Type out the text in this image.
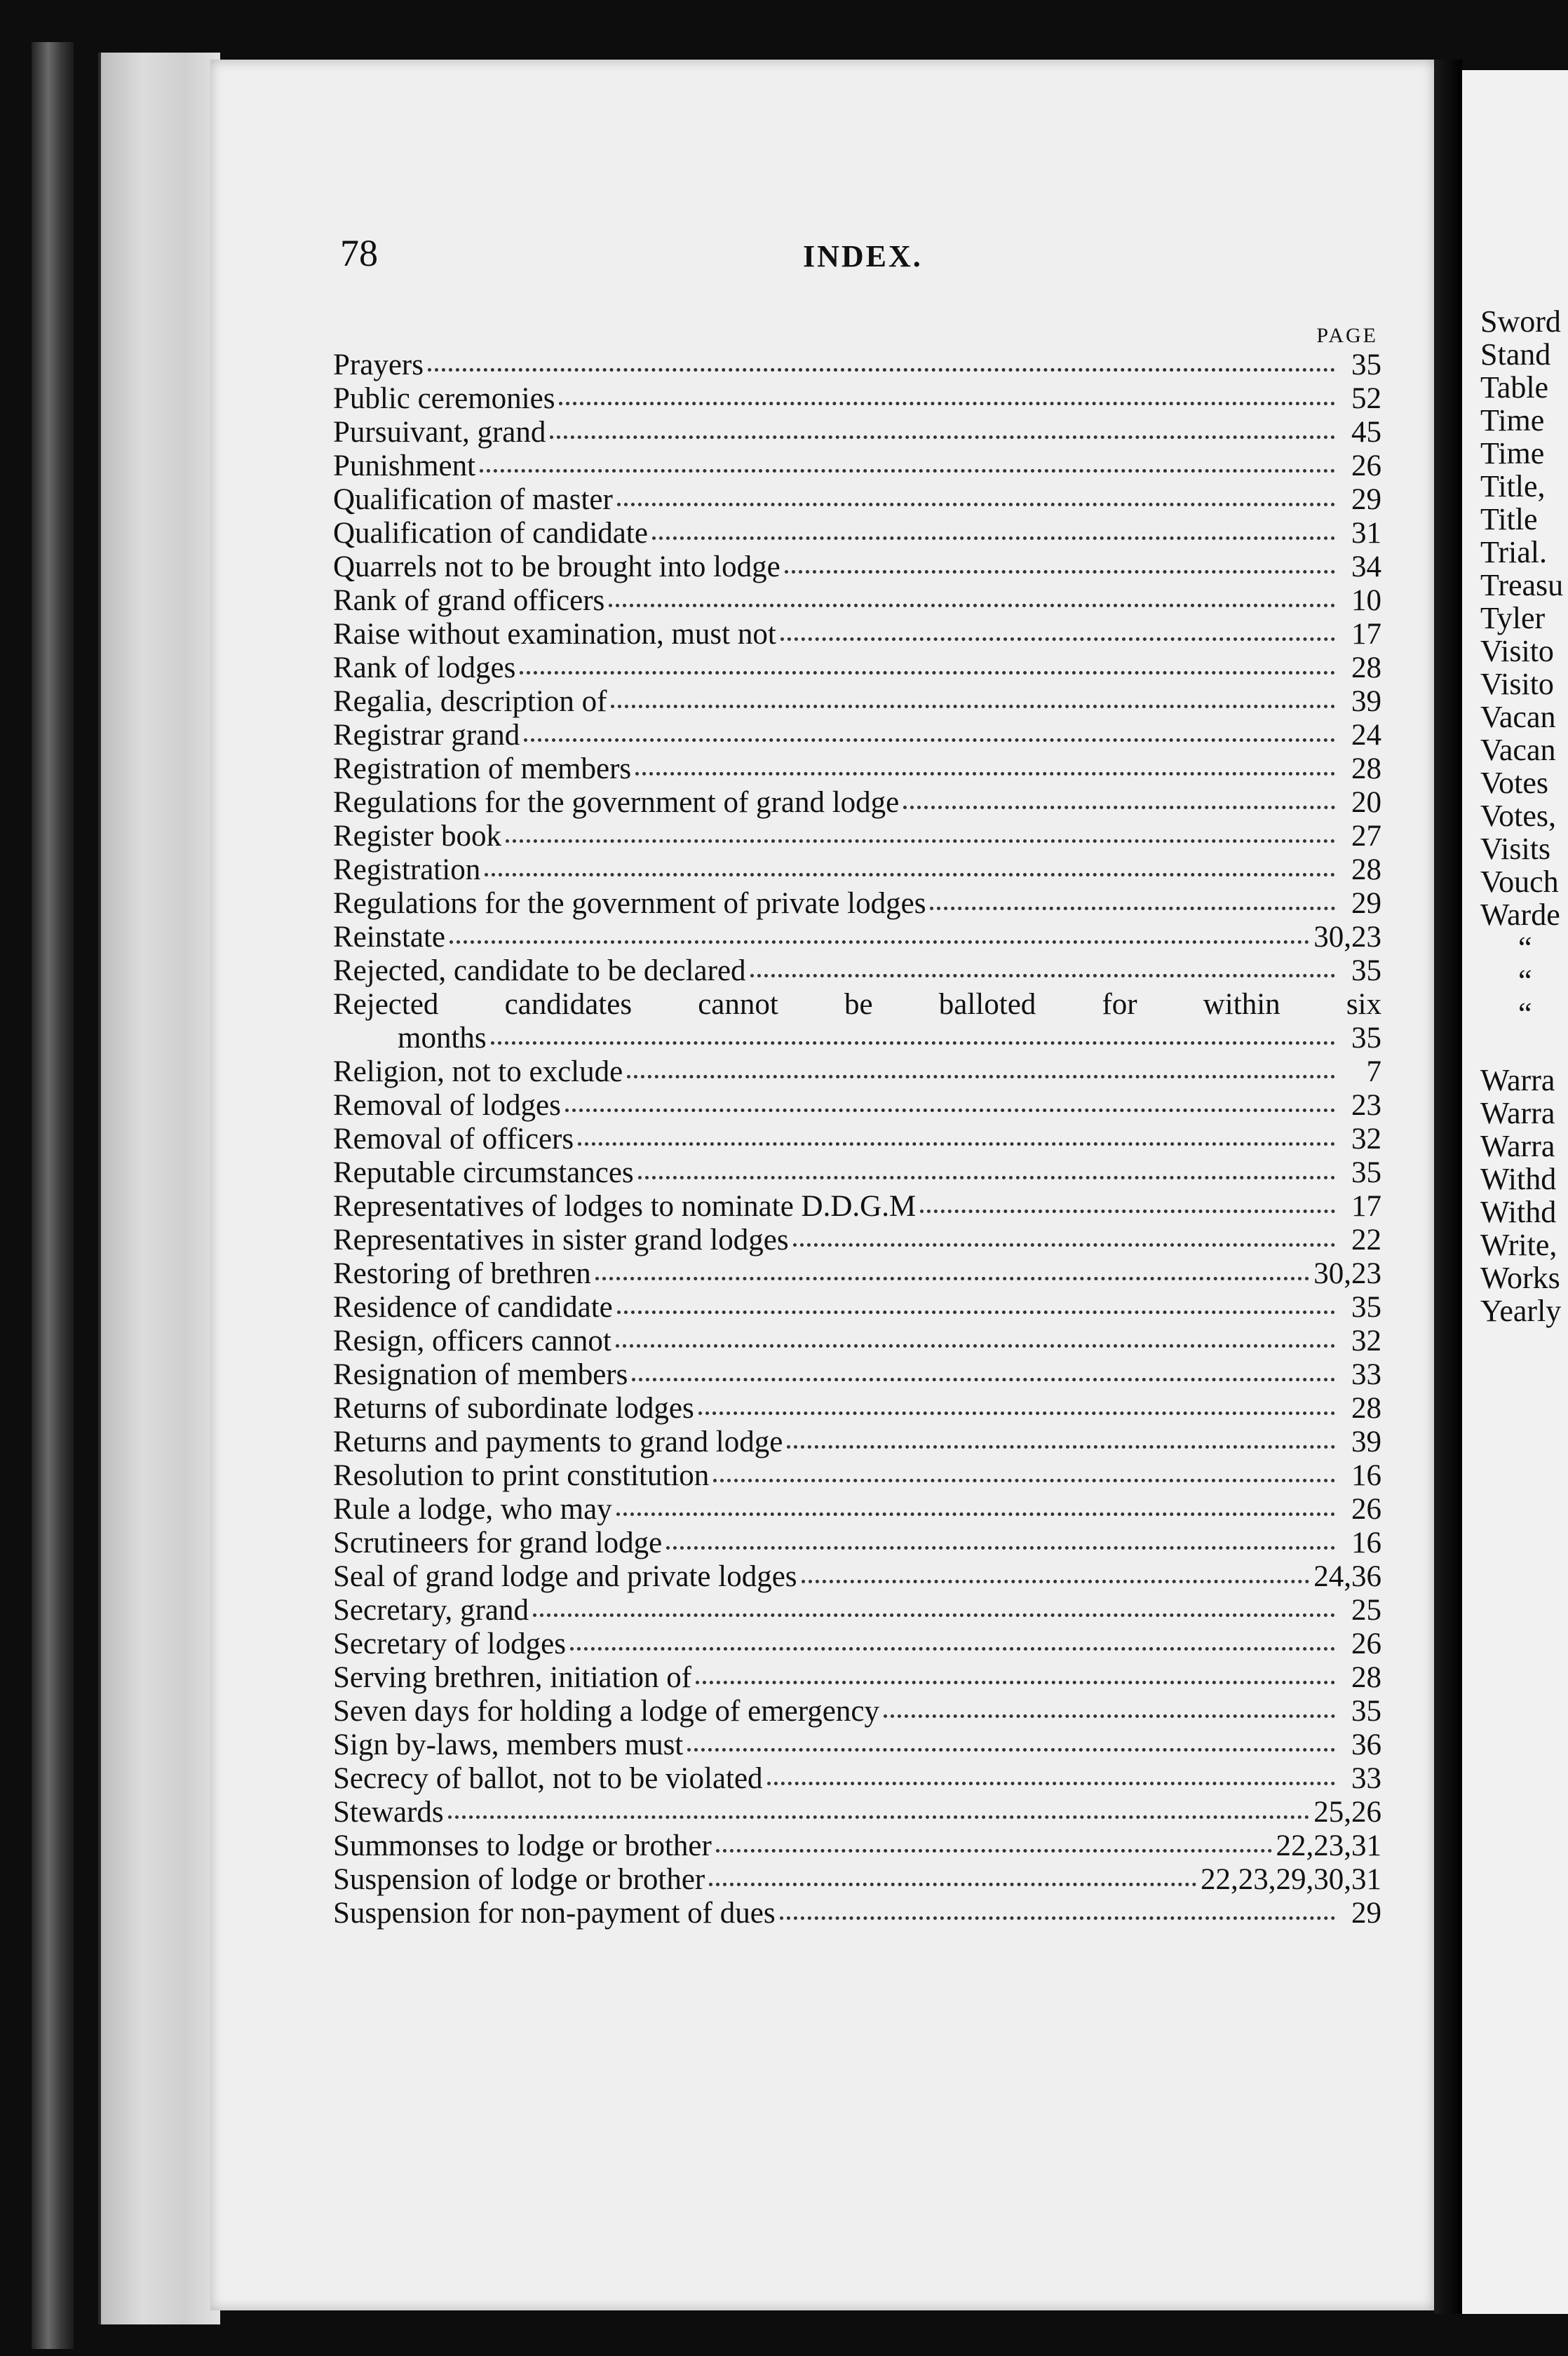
78	INDEX.
PAGE
Prayers	35
Public ceremonies	52
Pursuivant, grand	45
Punishment	26
Qualification of master	29
Qualification of candidate	31
Quarrels not to be brought into lodge	34
Rank of grand officers	10
Raise without examination, must not	17
Rank of lodges	28
Regalia, description of	39
Registrar grand	24
Registration of members	28
Regulations for the government of grand lodge	20
Register book	27
Registration	28
Regulations for the government of private lodges	29
Reinstate	30,23
Rejected, candidate to be declared	35
Rejected candidates cannot be balloted for within six
months	35
Religion, not to exclude	7
Removal of lodges	23
Removal of officers	32
Reputable circumstances	35
Representatives of lodges to nominate D.D.G.M	17
Representatives in sister grand lodges	22
Restoring of brethren	30,23
Residence of candidate	35
Resign, officers cannot	32
Resignation of members	33
Returns of subordinate lodges	28
Returns and payments to grand lodge	39
Resolution to print constitution	16
Rule a lodge, who may	26
Scrutineers for grand lodge	16
Seal of grand lodge and private lodges	24,36
Secretary, grand	25
Secretary of lodges	26
Serving brethren, initiation of	28
Seven days for holding a lodge of emergency	35
Sign by-laws, members must	36
Secrecy of ballot, not to be violated	33
Stewards	25,26
Summonses to lodge or brother	22,23,31
Suspension of lodge or brother	22,23,29,30,31
Suspension for non-payment of dues	29
Sword
Stand
Table
Time
Time
Title,
Title
Trial.
Treasu
Tyler
Visito
Visito
Vacan
Vacan
Votes
Votes,
Visits
Vouch
Warde
“
“
“
Warra
Warra
Warra
Withd
Withd
Write,
Works
Yearly
